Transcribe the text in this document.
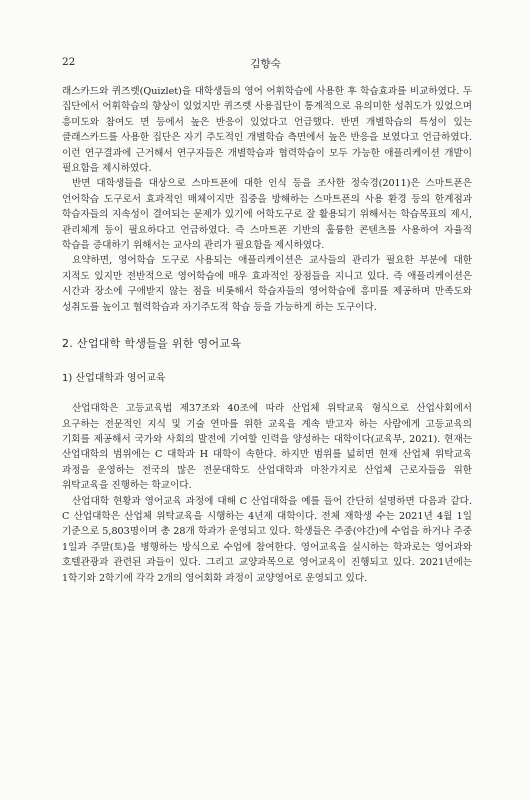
22	김향숙

래스카드와 퀴즈렛(Quizlet)을 대학생들의 영어 어휘학습에 사용한 후 학습효과를 비교하였다. 두 집단에서 어휘학습의 향상이 있었지만 퀴즈렛 사용집단이 통계적으로 유의미한 성취도가 있었으며 흥미도와 참여도 면 등에서 높은 반응이 있었다고 언급했다. 반면 개별학습의 특성이 있는 클래스카드를 사용한 집단은 자기 주도적인 개별학습 측면에서 높은 반응을 보였다고 언급하였다. 이런 연구결과에 근거해서 연구자들은 개별학습과 협력학습이 모두 가능한 애플리케이션 개발이 필요함을 제시하였다.

반면 대학생들을 대상으로 스마트폰에 대한 인식 등을 조사한 정숙경(2011)은 스마트폰은 언어학습 도구로서 효과적인 매체이지만 집중을 방해하는 스마트폰의 사용 환경 등의 한계점과 학습자들의 지속성이 결여되는 문제가 있기에 어학도구로 잘 활용되기 위해서는 학습목표의 제시, 관리체계 등이 필요하다고 언급하였다. 즉 스마트폰 기반의 훌륭한 콘텐츠를 사용하여 자율적 학습을 증대하기 위해서는 교사의 관리가 필요함을 제시하였다.

요약하면, 영어학습 도구로 사용되는 애플리케이션은 교사들의 관리가 필요한 부분에 대한 지적도 있지만 전반적으로 영어학습에 매우 효과적인 장점들을 지니고 있다. 즉 애플리케이션은 시간과 장소에 구애받지 않는 점을 비롯해서 학습자들의 영어학습에 흥미를 제공하며 만족도와 성취도를 높이고 협력학습과 자기주도적 학습 등을 가능하게 하는 도구이다.

2. 산업대학 학생들을 위한 영어교육
1) 산업대학과 영어교육

산업대학은 고등교육법 제37조와 40조에 따라 산업체 위탁교육 형식으로 산업사회에서 요구하는 전문적인 지식 및 기술 연마를 위한 교육을 계속 받고자 하는 사람에게 고등교육의 기회를 제공해서 국가와 사회의 발전에 기여할 인력을 양성하는 대학이다(교육부, 2021). 현재는 산업대학의 범위에는 C 대학과 H 대학이 속한다. 하지만 범위를 넓히면 현재 산업체 위탁교육 과정을 운영하는 전국의 많은 전문대학도 산업대학과 마찬가지로 산업체 근로자들을 위한 위탁교육을 진행하는 학교이다.

산업대학 현황과 영어교육 과정에 대해 C 산업대학을 예를 들어 간단히 설명하면 다음과 같다. C 산업대학은 산업체 위탁교육을 시행하는 4년제 대학이다. 전체 재학생 수는 2021년 4월 1일 기준으로 5,803명이며 총 28개 학과가 운영되고 있다. 학생들은 주중(야간)에 수업을 하거나 주중 1일과 주말(토)을 병행하는 방식으로 수업에 참여한다. 영어교육을 실시하는 학과로는 영어과와 호텔관광과 관련된 과들이 있다. 그리고 교양과목으로 영어교육이 진행되고 있다. 2021년에는 1학기와 2학기에 각각 2개의 영어회화 과정이 교양영어로 운영되고 있다.
